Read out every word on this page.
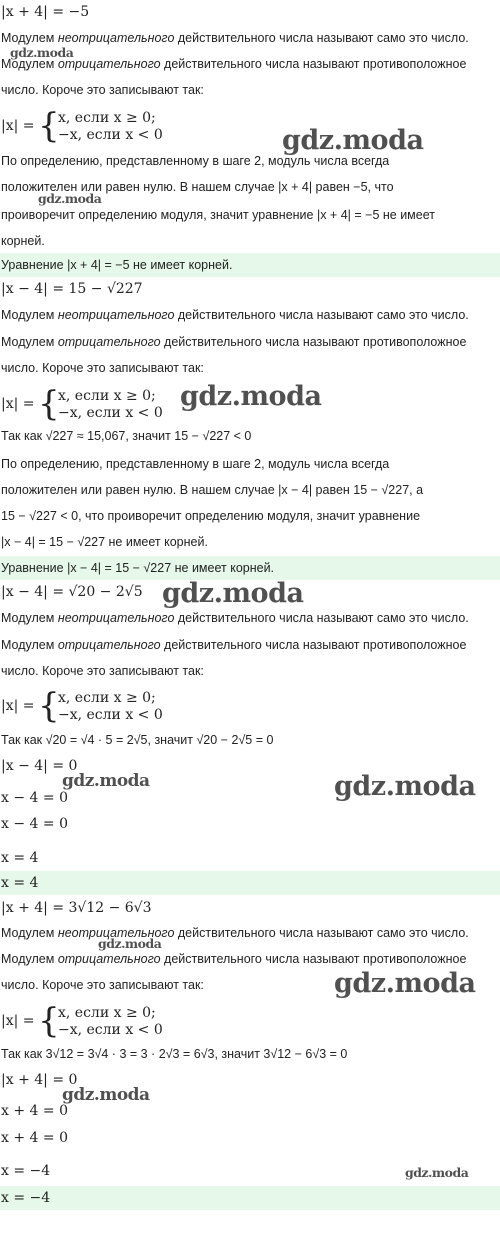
|x + 4| = −5
Модулем неотрицательного действительного числа называют само это число.
Модулем отрицательного действительного числа называют противоположное
число. Короче это записывают так:
|x| = {
x, если x ≥ 0;
−x, если x < 0
По определению, представленному в шаге 2, модуль числа всегда
положителен или равен нулю. В нашем случае |x + 4| равен −5, что
проивoречит определению модуля, значит уравнение |x + 4| = −5 не имеет
корней.
Уравнение |x + 4| = −5 не имеет корней.
|x − 4| = 15 − √227
Модулем неотрицательного действительного числа называют само это число.
Модулем отрицательного действительного числа называют противоположное
число. Короче это записывают так:
|x| = {
x, если x ≥ 0;
−x, если x < 0
Так как √227 ≈ 15,067, значит 15 − √227 < 0
По определению, представленному в шаге 2, модуль числа всегда
положителен или равен нулю. В нашем случае |x − 4| равен 15 − √227, а
15 − √227 < 0, что проивoречит определению модуля, значит уравнение
|x − 4| = 15 − √227 не имеет корней.
Уравнение |x − 4| = 15 − √227 не имеет корней.
|x − 4| = √20 − 2√5
Модулем неотрицательного действительного числа называют само это число.
Модулем отрицательного действительного числа называют противоположное
число. Короче это записывают так:
|x| = {
x, если x ≥ 0;
−x, если x < 0
Так как √20 = √4 · 5 = 2√5, значит √20 − 2√5 = 0
|x − 4| = 0
x − 4 = 0
x − 4 = 0
x = 4
x = 4
|x + 4| = 3√12 − 6√3
Модулем неотрицательного действительного числа называют само это число.
Модулем отрицательного действительного числа называют противоположное
число. Короче это записывают так:
|x| = {
x, если x ≥ 0;
−x, если x < 0
Так как 3√12 = 3√4 · 3 = 3 · 2√3 = 6√3, значит 3√12 − 6√3 = 0
|x + 4| = 0
x + 4 = 0
x + 4 = 0
x = −4
x = −4
gdz.moda
gdz.moda
gdz.moda
gdz.moda
gdz.moda
gdz.moda	gdz.moda
gdz.moda
gdz.moda
gdz.moda
gdz.moda
